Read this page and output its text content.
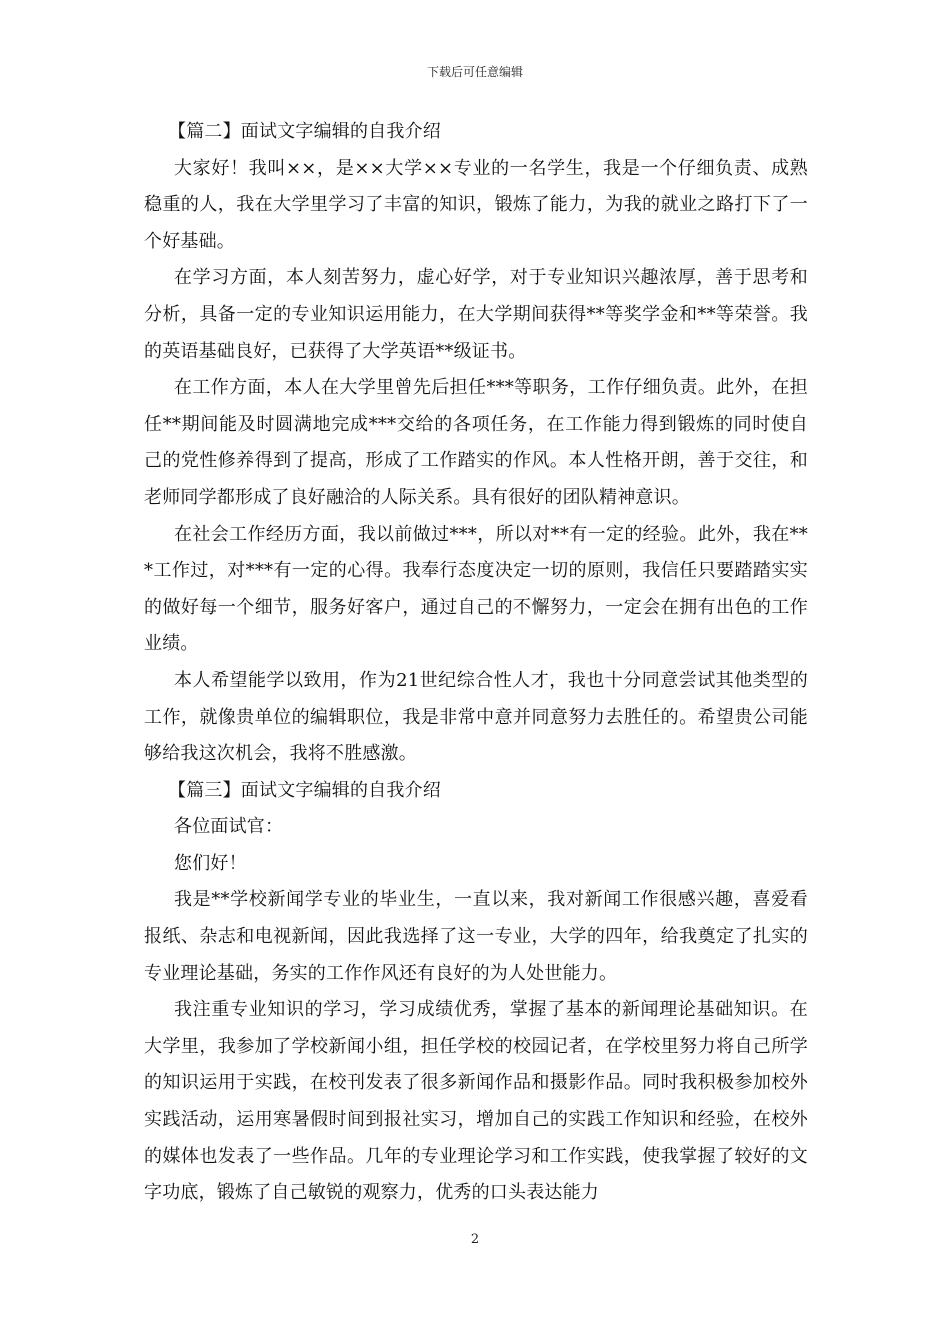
下载后可任意编辑

【篇二】面试文字编辑的自我介绍

大家好！我叫××，是××大学××专业的一名学生，我是一个仔细负责、成熟稳重的人，我在大学里学习了丰富的知识，锻炼了能力，为我的就业之路打下了一个好基础。

在学习方面，本人刻苦努力，虚心好学，对于专业知识兴趣浓厚，善于思考和分析，具备一定的专业知识运用能力，在大学期间获得**等奖学金和**等荣誉。我的英语基础良好，已获得了大学英语**级证书。

在工作方面，本人在大学里曾先后担任***等职务，工作仔细负责。此外，在担任**期间能及时圆满地完成***交给的各项任务，在工作能力得到锻炼的同时使自己的党性修养得到了提高，形成了工作踏实的作风。本人性格开朗，善于交往，和老师同学都形成了良好融洽的人际关系。具有很好的团队精神意识。

在社会工作经历方面，我以前做过***，所以对**有一定的经验。此外，我在***工作过，对***有一定的心得。我奉行态度决定一切的原则，我信任只要踏踏实实的做好每一个细节，服务好客户，通过自己的不懈努力，一定会在拥有出色的工作业绩。

本人希望能学以致用，作为21世纪综合性人才，我也十分同意尝试其他类型的工作，就像贵单位的编辑职位，我是非常中意并同意努力去胜任的。希望贵公司能够给我这次机会，我将不胜感激。

【篇三】面试文字编辑的自我介绍

各位面试官：

您们好！

我是**学校新闻学专业的毕业生，一直以来，我对新闻工作很感兴趣，喜爱看报纸、杂志和电视新闻，因此我选择了这一专业，大学的四年，给我奠定了扎实的专业理论基础，务实的工作作风还有良好的为人处世能力。

我注重专业知识的学习，学习成绩优秀，掌握了基本的新闻理论基础知识。在大学里，我参加了学校新闻小组，担任学校的校园记者，在学校里努力将自己所学的知识运用于实践，在校刊发表了很多新闻作品和摄影作品。同时我积极参加校外实践活动，运用寒暑假时间到报社实习，增加自己的实践工作知识和经验，在校外的媒体也发表了一些作品。几年的专业理论学习和工作实践，使我掌握了较好的文字功底，锻炼了自己敏锐的观察力，优秀的口头表达能力

2
